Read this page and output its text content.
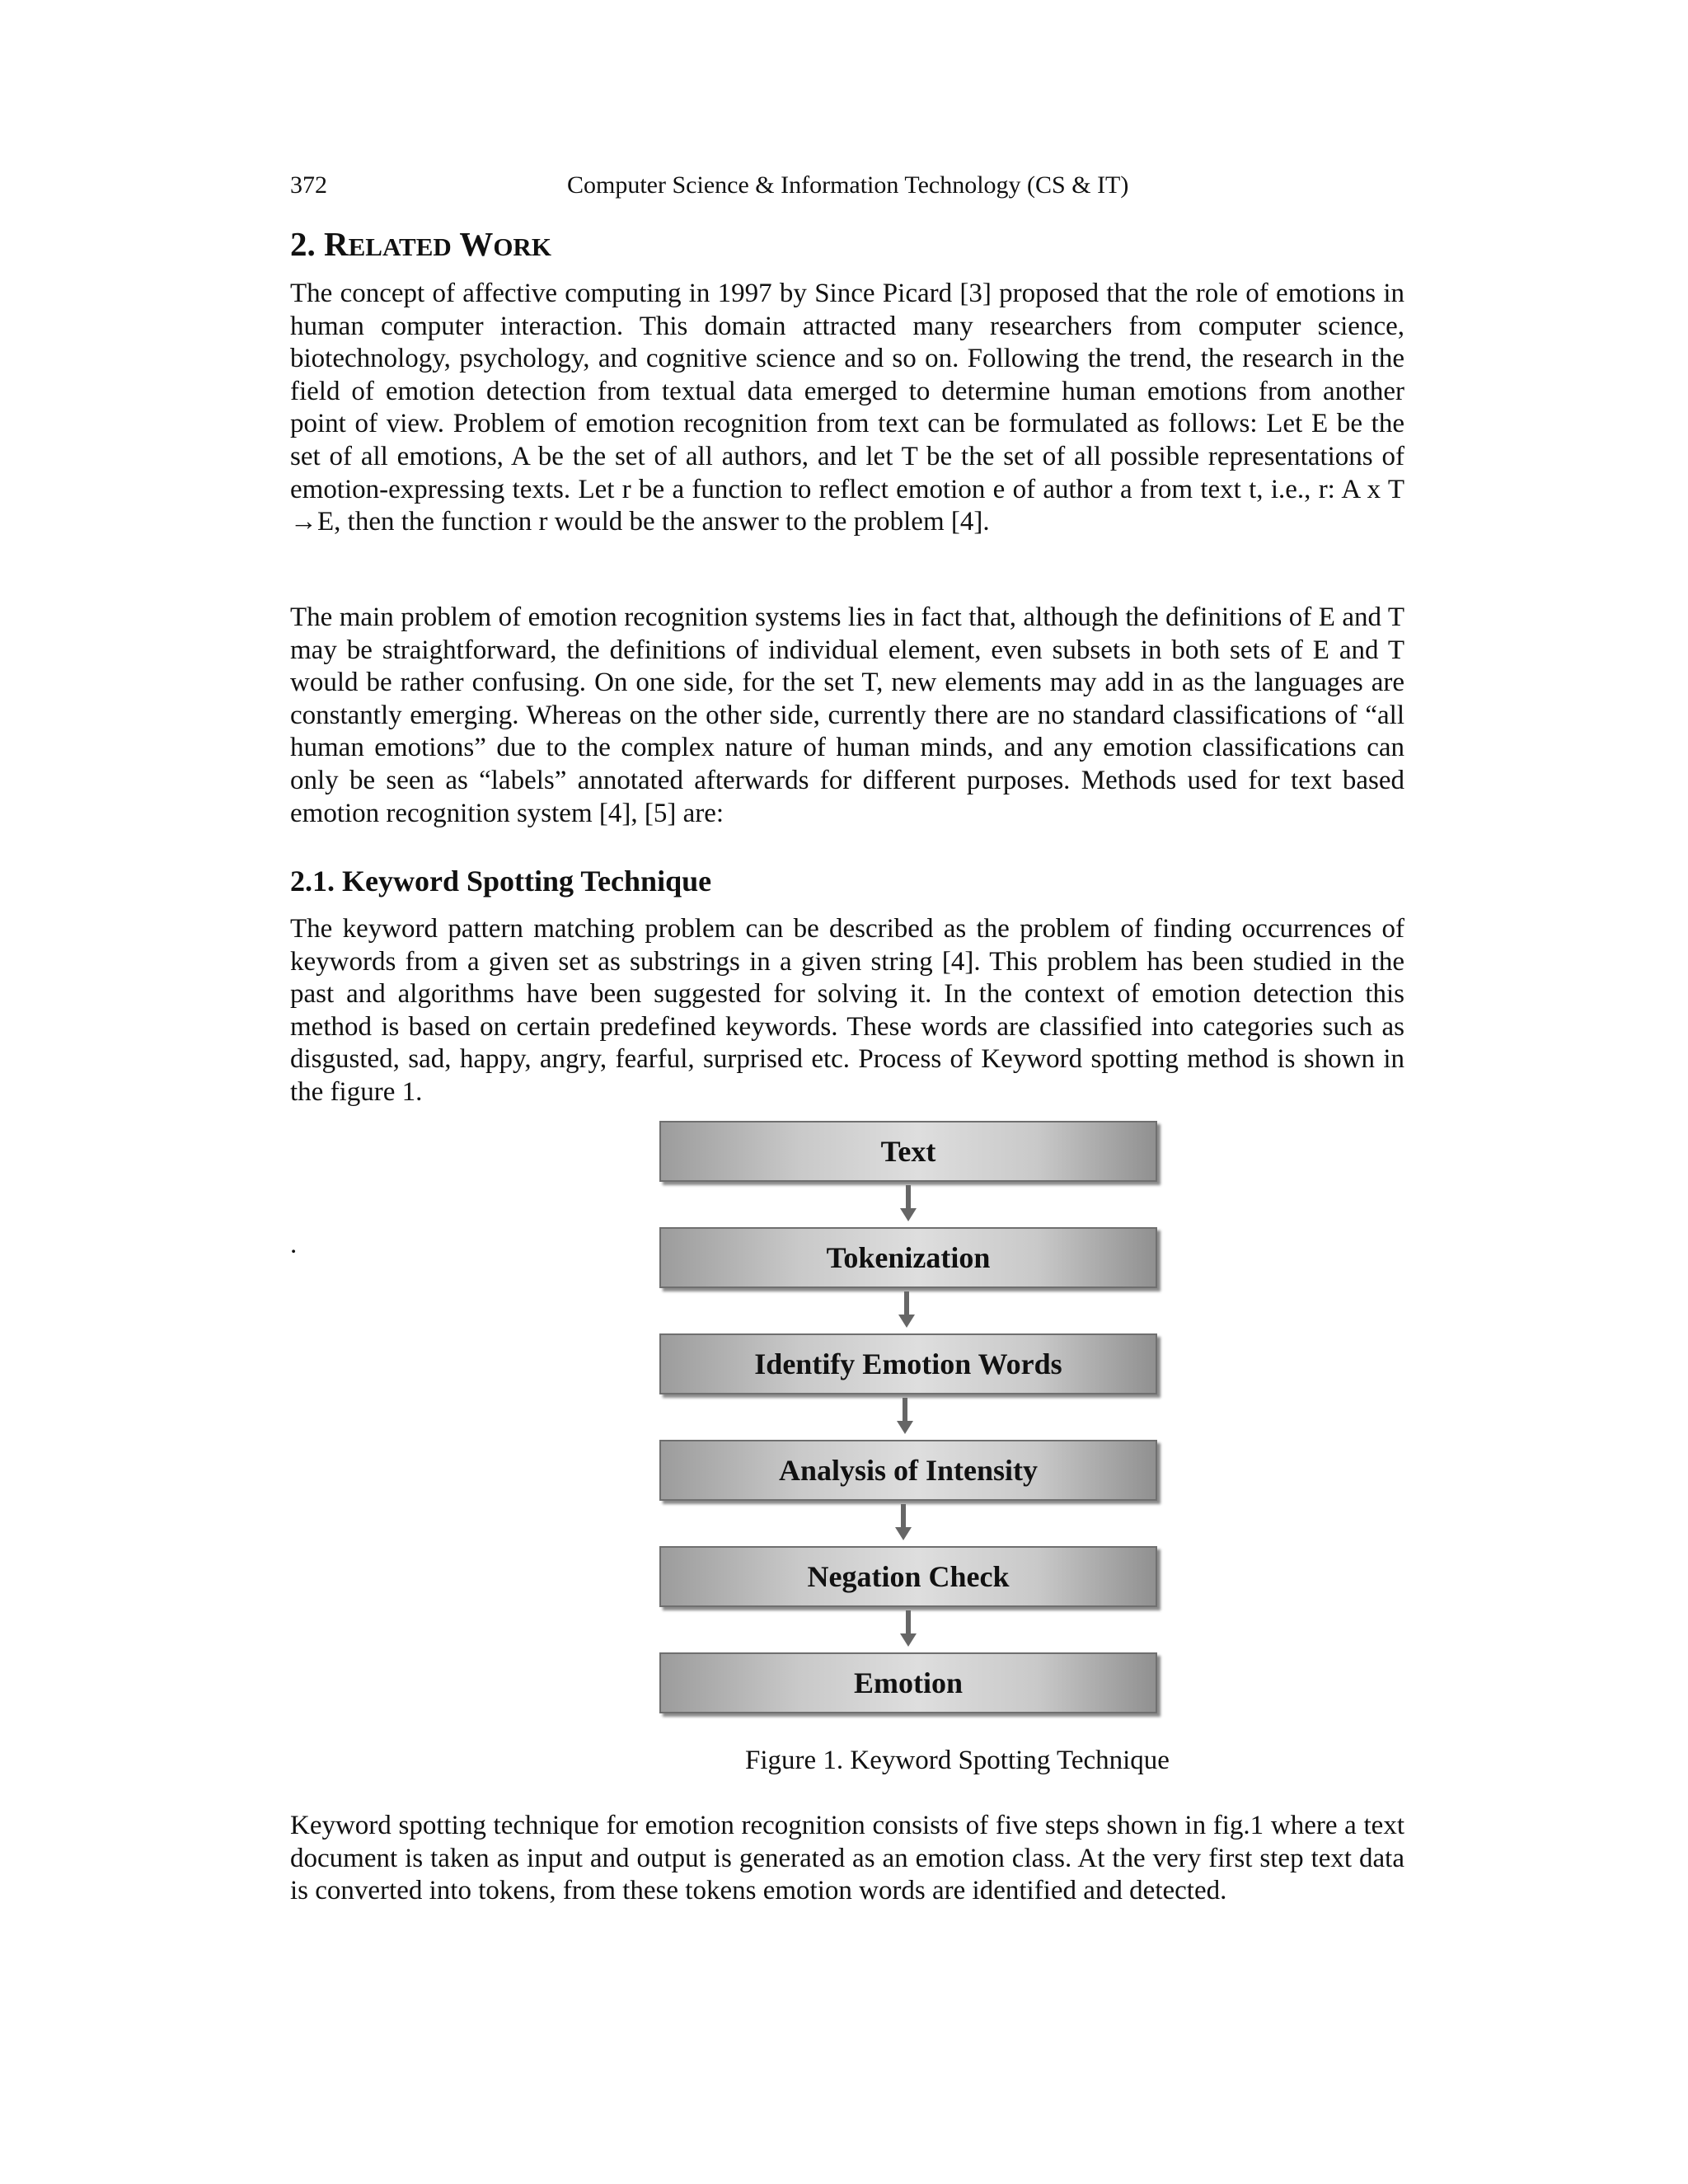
372	Computer Science & Information Technology (CS & IT)
2. RELATED WORK

The concept of affective computing in 1997 by Since Picard [3] proposed that the role of emotions in human computer interaction. This domain attracted many researchers from computer science, biotechnology, psychology, and cognitive science and so on. Following the trend, the research in the field of emotion detection from textual data emerged to determine human emotions from another point of view. Problem of emotion recognition from text can be formulated as follows: Let E be the set of all emotions, A be the set of all authors, and let T be the set of all possible representations of emotion-expressing texts. Let r be a function to reflect emotion e of author a from text t, i.e., r: A x T →E, then the function r would be the answer to the problem [4].

The main problem of emotion recognition systems lies in fact that, although the definitions of E and T may be straightforward, the definitions of individual element, even subsets in both sets of E and T would be rather confusing. On one side, for the set T, new elements may add in as the languages are constantly emerging. Whereas on the other side, currently there are no standard classifications of “all human emotions” due to the complex nature of human minds, and any emotion classifications can only be seen as “labels” annotated afterwards for different purposes. Methods used for text based emotion recognition system [4], [5] are:

2.1. Keyword Spotting Technique

The keyword pattern matching problem can be described as the problem of finding occurrences of keywords from a given set as substrings in a given string [4]. This problem has been studied in the past and algorithms have been suggested for solving it. In the context of emotion detection this method is based on certain predefined keywords. These words are classified into categories such as disgusted, sad, happy, angry, fearful, surprised etc. Process of Keyword spotting method is shown in the figure 1.

.
Text
Tokenization
Identify Emotion Words
Analysis of Intensity
Negation Check
Emotion
Figure 1. Keyword Spotting Technique

Keyword spotting technique for emotion recognition consists of five steps shown in fig.1 where a text document is taken as input and output is generated as an emotion class. At the very first step text data is converted into tokens, from these tokens emotion words are identified and detected.
